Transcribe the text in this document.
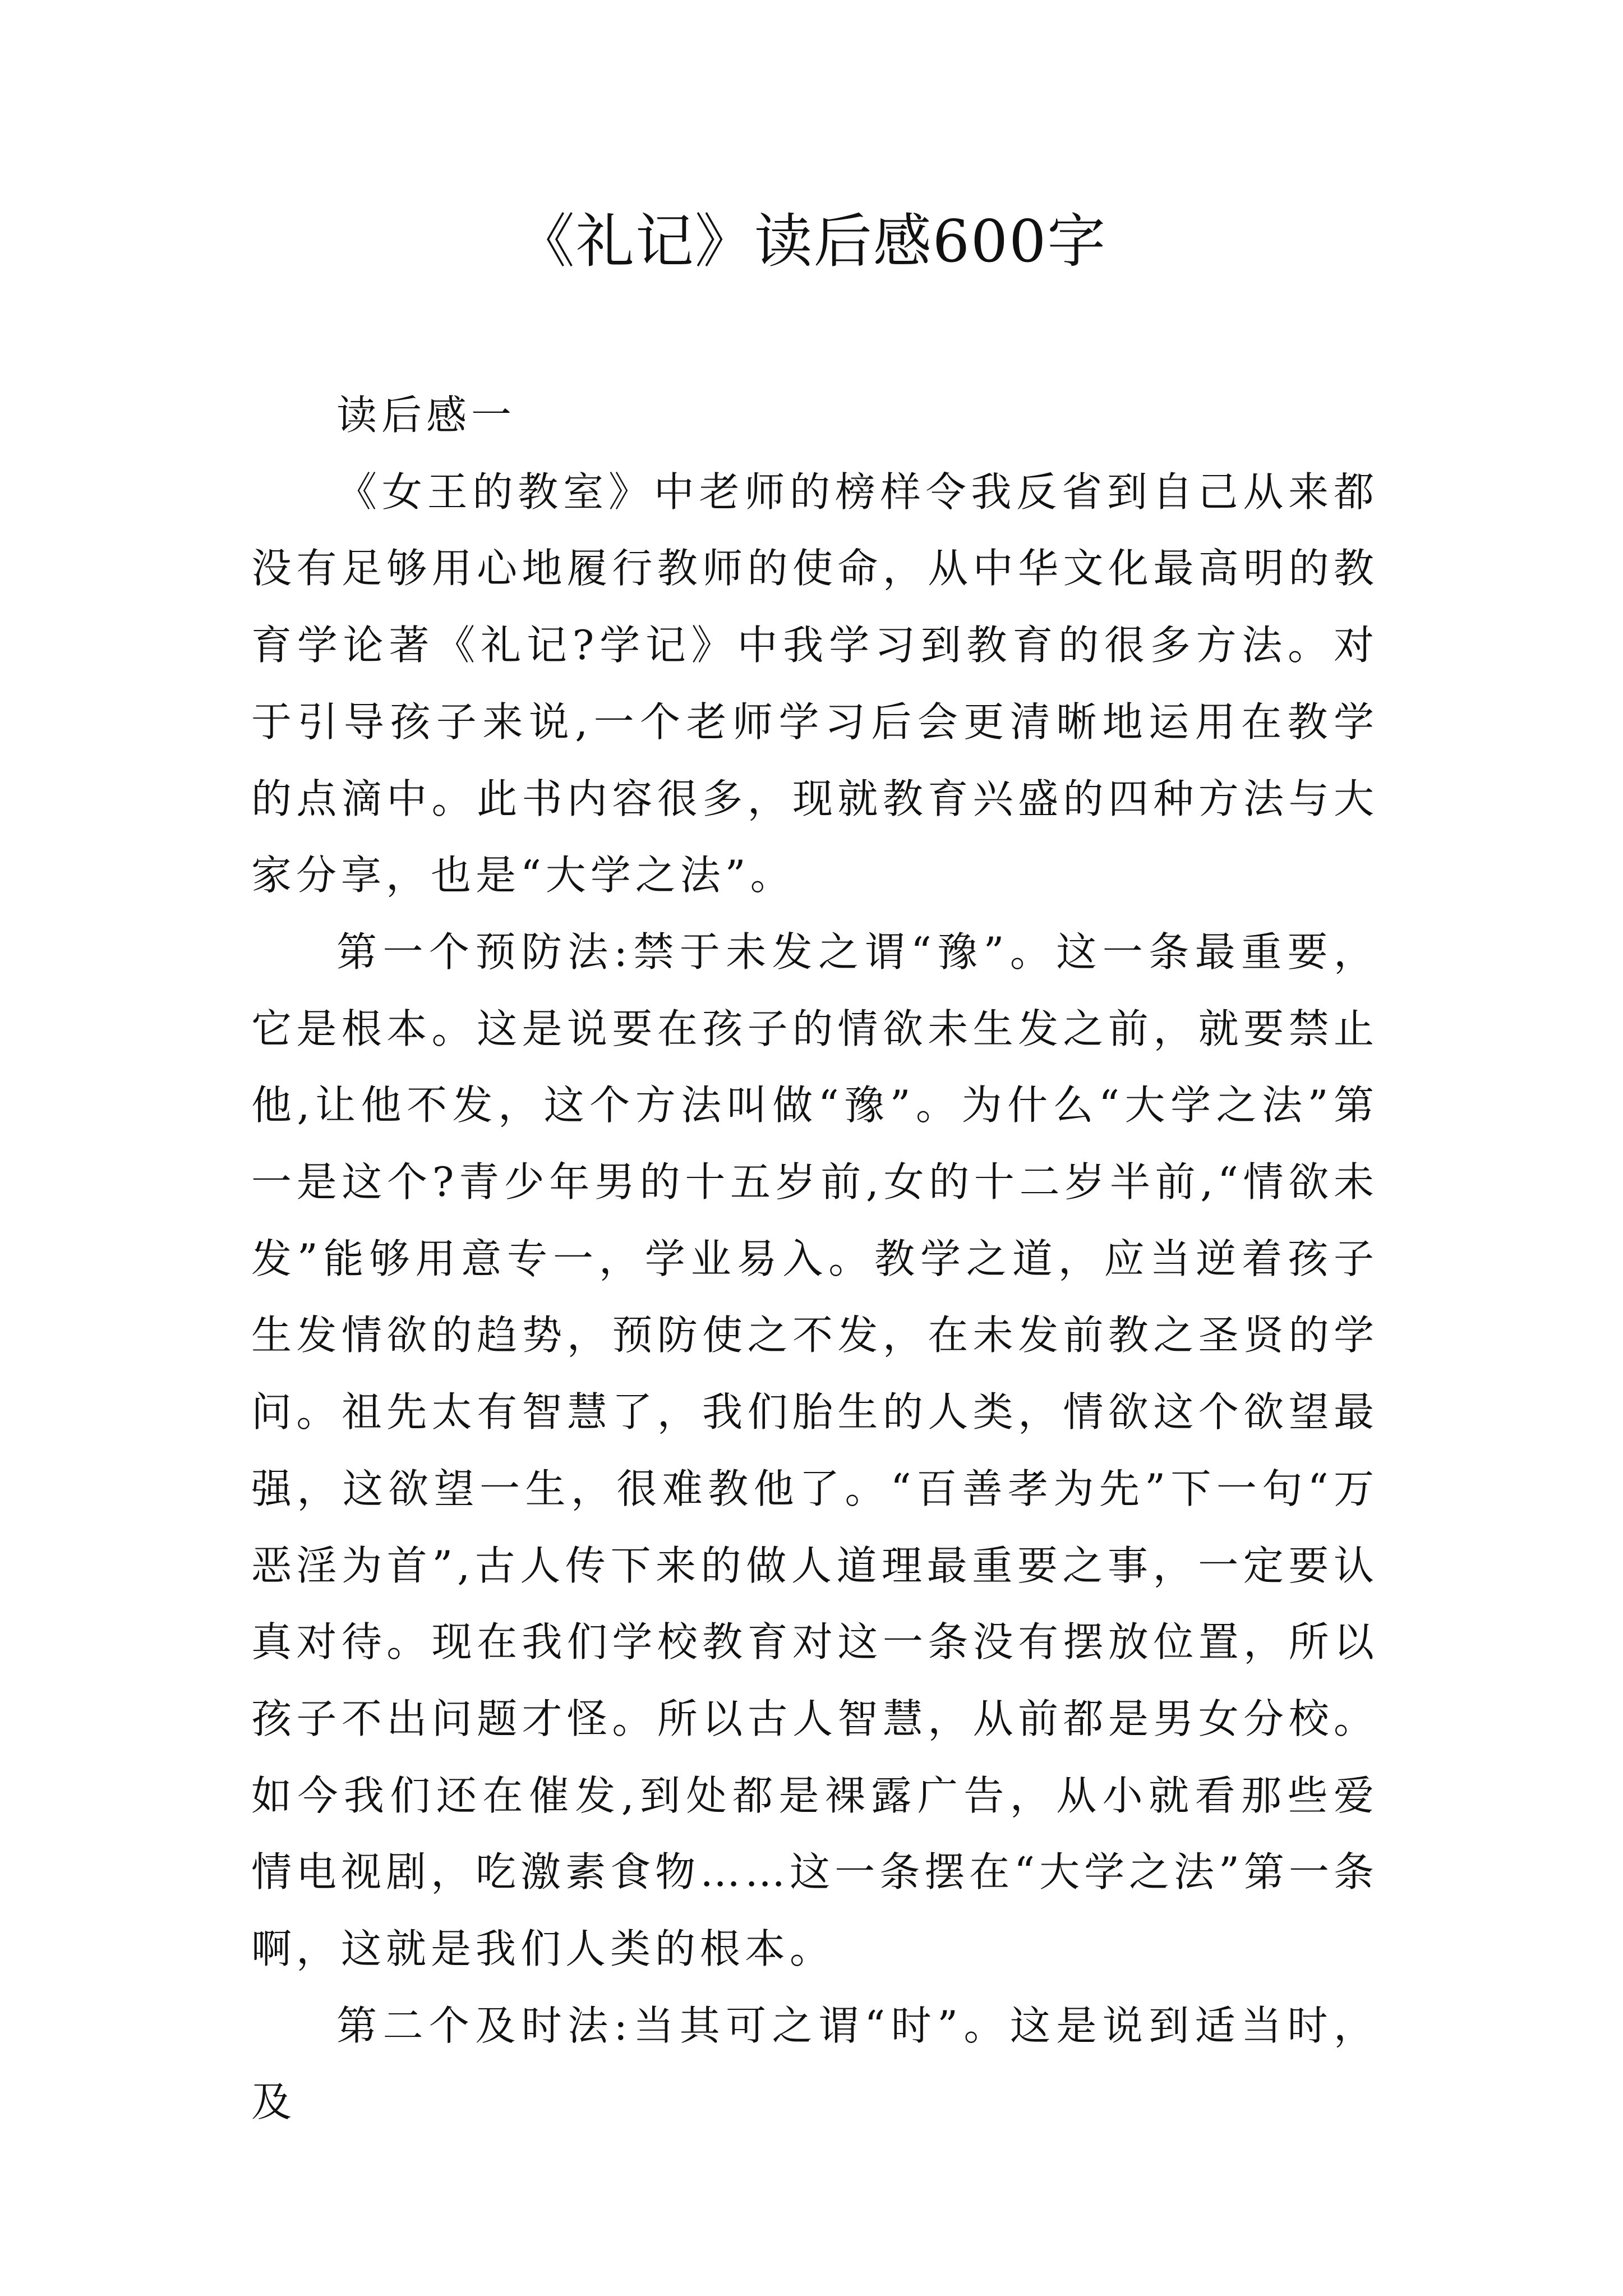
《礼记》读后感600字

读后感一

《女王的教室》中老师的榜样令我反省到自己从来都没有足够用心地履行教师的使命，从中华文化最高明的教育学论著《礼记?学记》中我学习到教育的很多方法。对于引导孩子来说,一个老师学习后会更清晰地运用在教学的点滴中。此书内容很多，现就教育兴盛的四种方法与大家分享，也是“大学之法”。

第一个预防法:禁于未发之谓“豫”。这一条最重要，它是根本。这是说要在孩子的情欲未生发之前，就要禁止他,让他不发，这个方法叫做“豫”。为什么“大学之法”第一是这个?青少年男的十五岁前,女的十二岁半前,“情欲未发”能够用意专一，学业易入。教学之道，应当逆着孩子生发情欲的趋势，预防使之不发，在未发前教之圣贤的学问。祖先太有智慧了，我们胎生的人类，情欲这个欲望最强，这欲望一生，很难教他了。“百善孝为先”下一句“万恶淫为首”,古人传下来的做人道理最重要之事，一定要认真对待。现在我们学校教育对这一条没有摆放位置，所以孩子不出问题才怪。所以古人智慧，从前都是男女分校。如今我们还在催发,到处都是裸露广告，从小就看那些爱情电视剧，吃激素食物……这一条摆在“大学之法”第一条啊，这就是我们人类的根本。

第二个及时法:当其可之谓“时”。这是说到适当时，及
